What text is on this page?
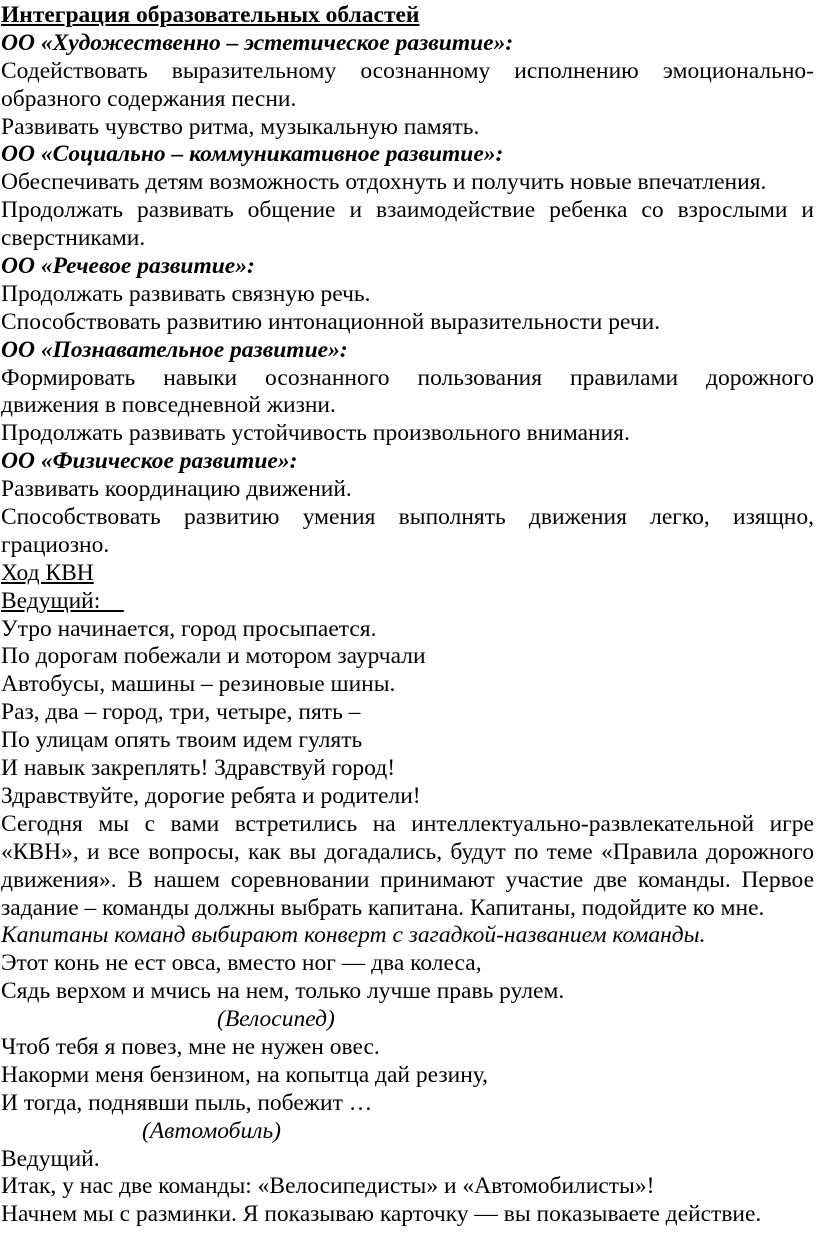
Интеграция образовательных областей
ОО «Художественно – эстетическое развитие»:
Содействовать выразительному осознанному исполнению эмоционально-
образного содержания песни.
Развивать чувство ритма, музыкальную память.
ОО «Социально – коммуникативное развитие»:
Обеспечивать детям возможность отдохнуть и получить новые впечатления.
Продолжать развивать общение и взаимодействие ребенка со взрослыми и
сверстниками.
ОО «Речевое развитие»:
Продолжать развивать связную речь.
Способствовать развитию интонационной выразительности речи.
ОО «Познавательное развитие»:
Формировать навыки осознанного пользования правилами дорожного
движения в повседневной жизни.
Продолжать развивать устойчивость произвольного внимания.
ОО «Физическое развитие»:
Развивать координацию движений.
Способствовать развитию умения выполнять движения легко, изящно,
грациозно.
Ход КВН
Ведущий:
Утро начинается, город просыпается.
По дорогам побежали и мотором заурчали
Автобусы, машины – резиновые шины.
Раз, два – город, три, четыре, пять –
По улицам опять твоим идем гулять
И навык закреплять! Здравствуй город!
Здравствуйте, дорогие ребята и родители!
Сегодня мы с вами встретились на интеллектуально-развлекательной игре
«КВН», и все вопросы, как вы догадались, будут по теме «Правила дорожного
движения». В нашем соревновании принимают участие две команды. Первое
задание – команды должны выбрать капитана. Капитаны, подойдите ко мне.
Капитаны команд выбирают конверт с загадкой-названием команды.
Этот конь не ест овса, вместо ног — два колеса,
Сядь верхом и мчись на нем, только лучше правь рулем.
(Велосипед)
Чтоб тебя я повез, мне не нужен овес.
Накорми меня бензином, на копытца дай резину,
И тогда, поднявши пыль, побежит …
(Автомобиль)
Ведущий.
Итак, у нас две команды: «Велосипедисты» и «Автомобилисты»!
Начнем мы с разминки. Я показываю карточку — вы показываете действие.
